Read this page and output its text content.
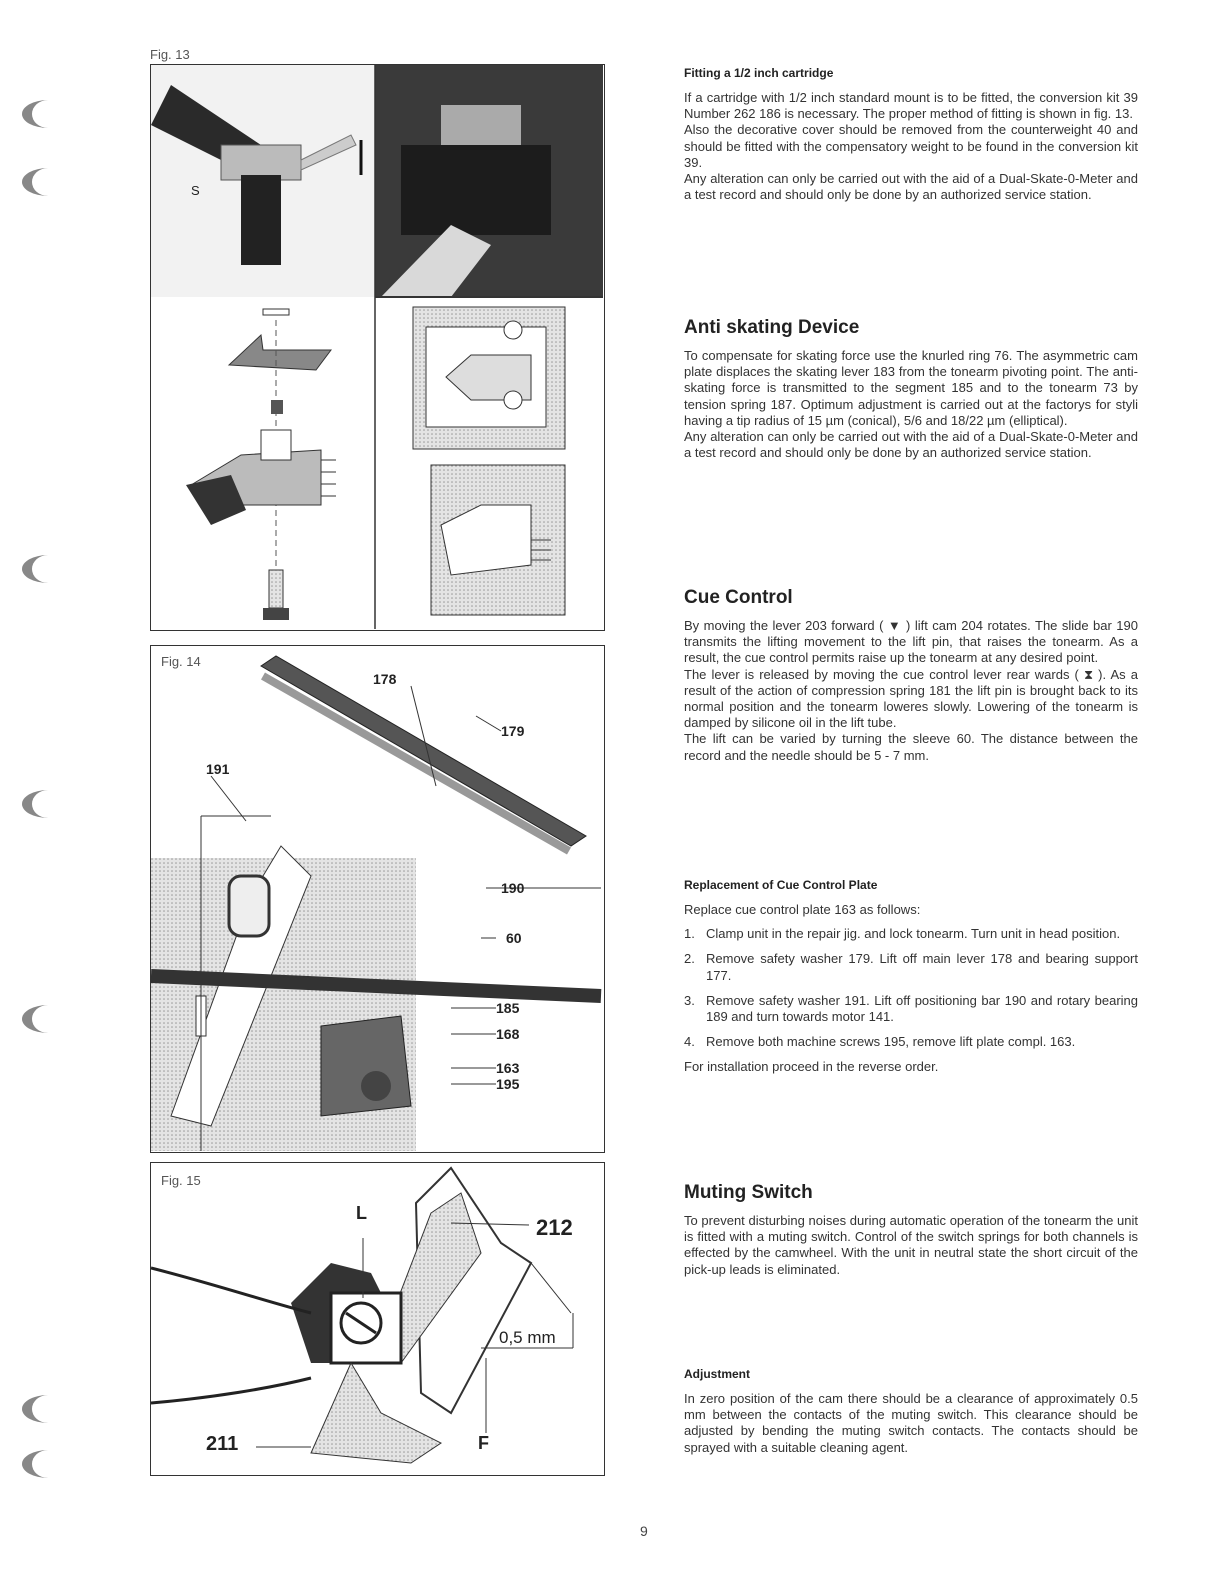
Fig. 13
S
Fig. 14
178
179
191
190
60
185
168
163
195
Fig. 15
L
212
0,5 mm
211	F
Fitting a 1/2 inch cartridge

If a cartridge with 1/2 inch standard mount is to be fitted, the conversion kit 39 Number 262 186 is necessary. The proper method of fitting is shown in fig. 13.

Also the decorative cover should be removed from the counterweight 40 and should be fitted with the compensatory weight to be found in the conversion kit 39.

Any alteration can only be carried out with the aid of a Dual-Skate-0-Meter and a test record and should only be done by an authorized service station.

Anti skating Device

To compensate for skating force use the knurled ring 76. The asymmetric cam plate displaces the skating lever 183 from the tonearm pivoting point. The anti-skating force is transmitted to the segment 185 and to the tonearm 73 by tension spring 187. Optimum adjustment is carried out at the factorys for styli having a tip radius of 15 µm (conical), 5/6 and 18/22 µm (elliptical).

Any alteration can only be carried out with the aid of a Dual-Skate-0-Meter and a test record and should only be done by an authorized service station.

Cue Control

By moving the lever 203 forward ( ▼ ) lift cam 204 rotates. The slide bar 190 transmits the lifting movement to the lift pin, that raises the tonearm. As a result, the cue control permits raise up the tonearm at any desired point.

The lever is released by moving the cue control lever rear wards ( ⧗ ). As a result of the action of compression spring 181 the lift pin is brought back to its normal position and the tonearm loweres slowly. Lowering of the tonearm is damped by silicone oil in the lift tube.

The lift can be varied by turning the sleeve 60. The distance between the record and the needle should be 5 - 7 mm.

Replacement of Cue Control Plate

Replace cue control plate 163 as follows:

1. Clamp unit in the repair jig. and lock tonearm. Turn unit in head position.
2. Remove safety washer 179. Lift off main lever 178 and bearing support 177.
3. Remove safety washer 191. Lift off positioning bar 190 and rotary bearing 189 and turn towards motor 141.
4. Remove both machine screws 195, remove lift plate compl. 163.

For installation proceed in the reverse order.

Muting Switch

To prevent disturbing noises during automatic operation of the tonearm the unit is fitted with a muting switch. Control of the switch springs for both channels is effected by the camwheel. With the unit in neutral state the short circuit of the pick-up leads is eliminated.

Adjustment

In zero position of the cam there should be a clearance of approximately 0.5 mm between the contacts of the muting switch. This clearance should be adjusted by bending the muting switch contacts. The contacts should be sprayed with a suitable cleaning agent.

9
